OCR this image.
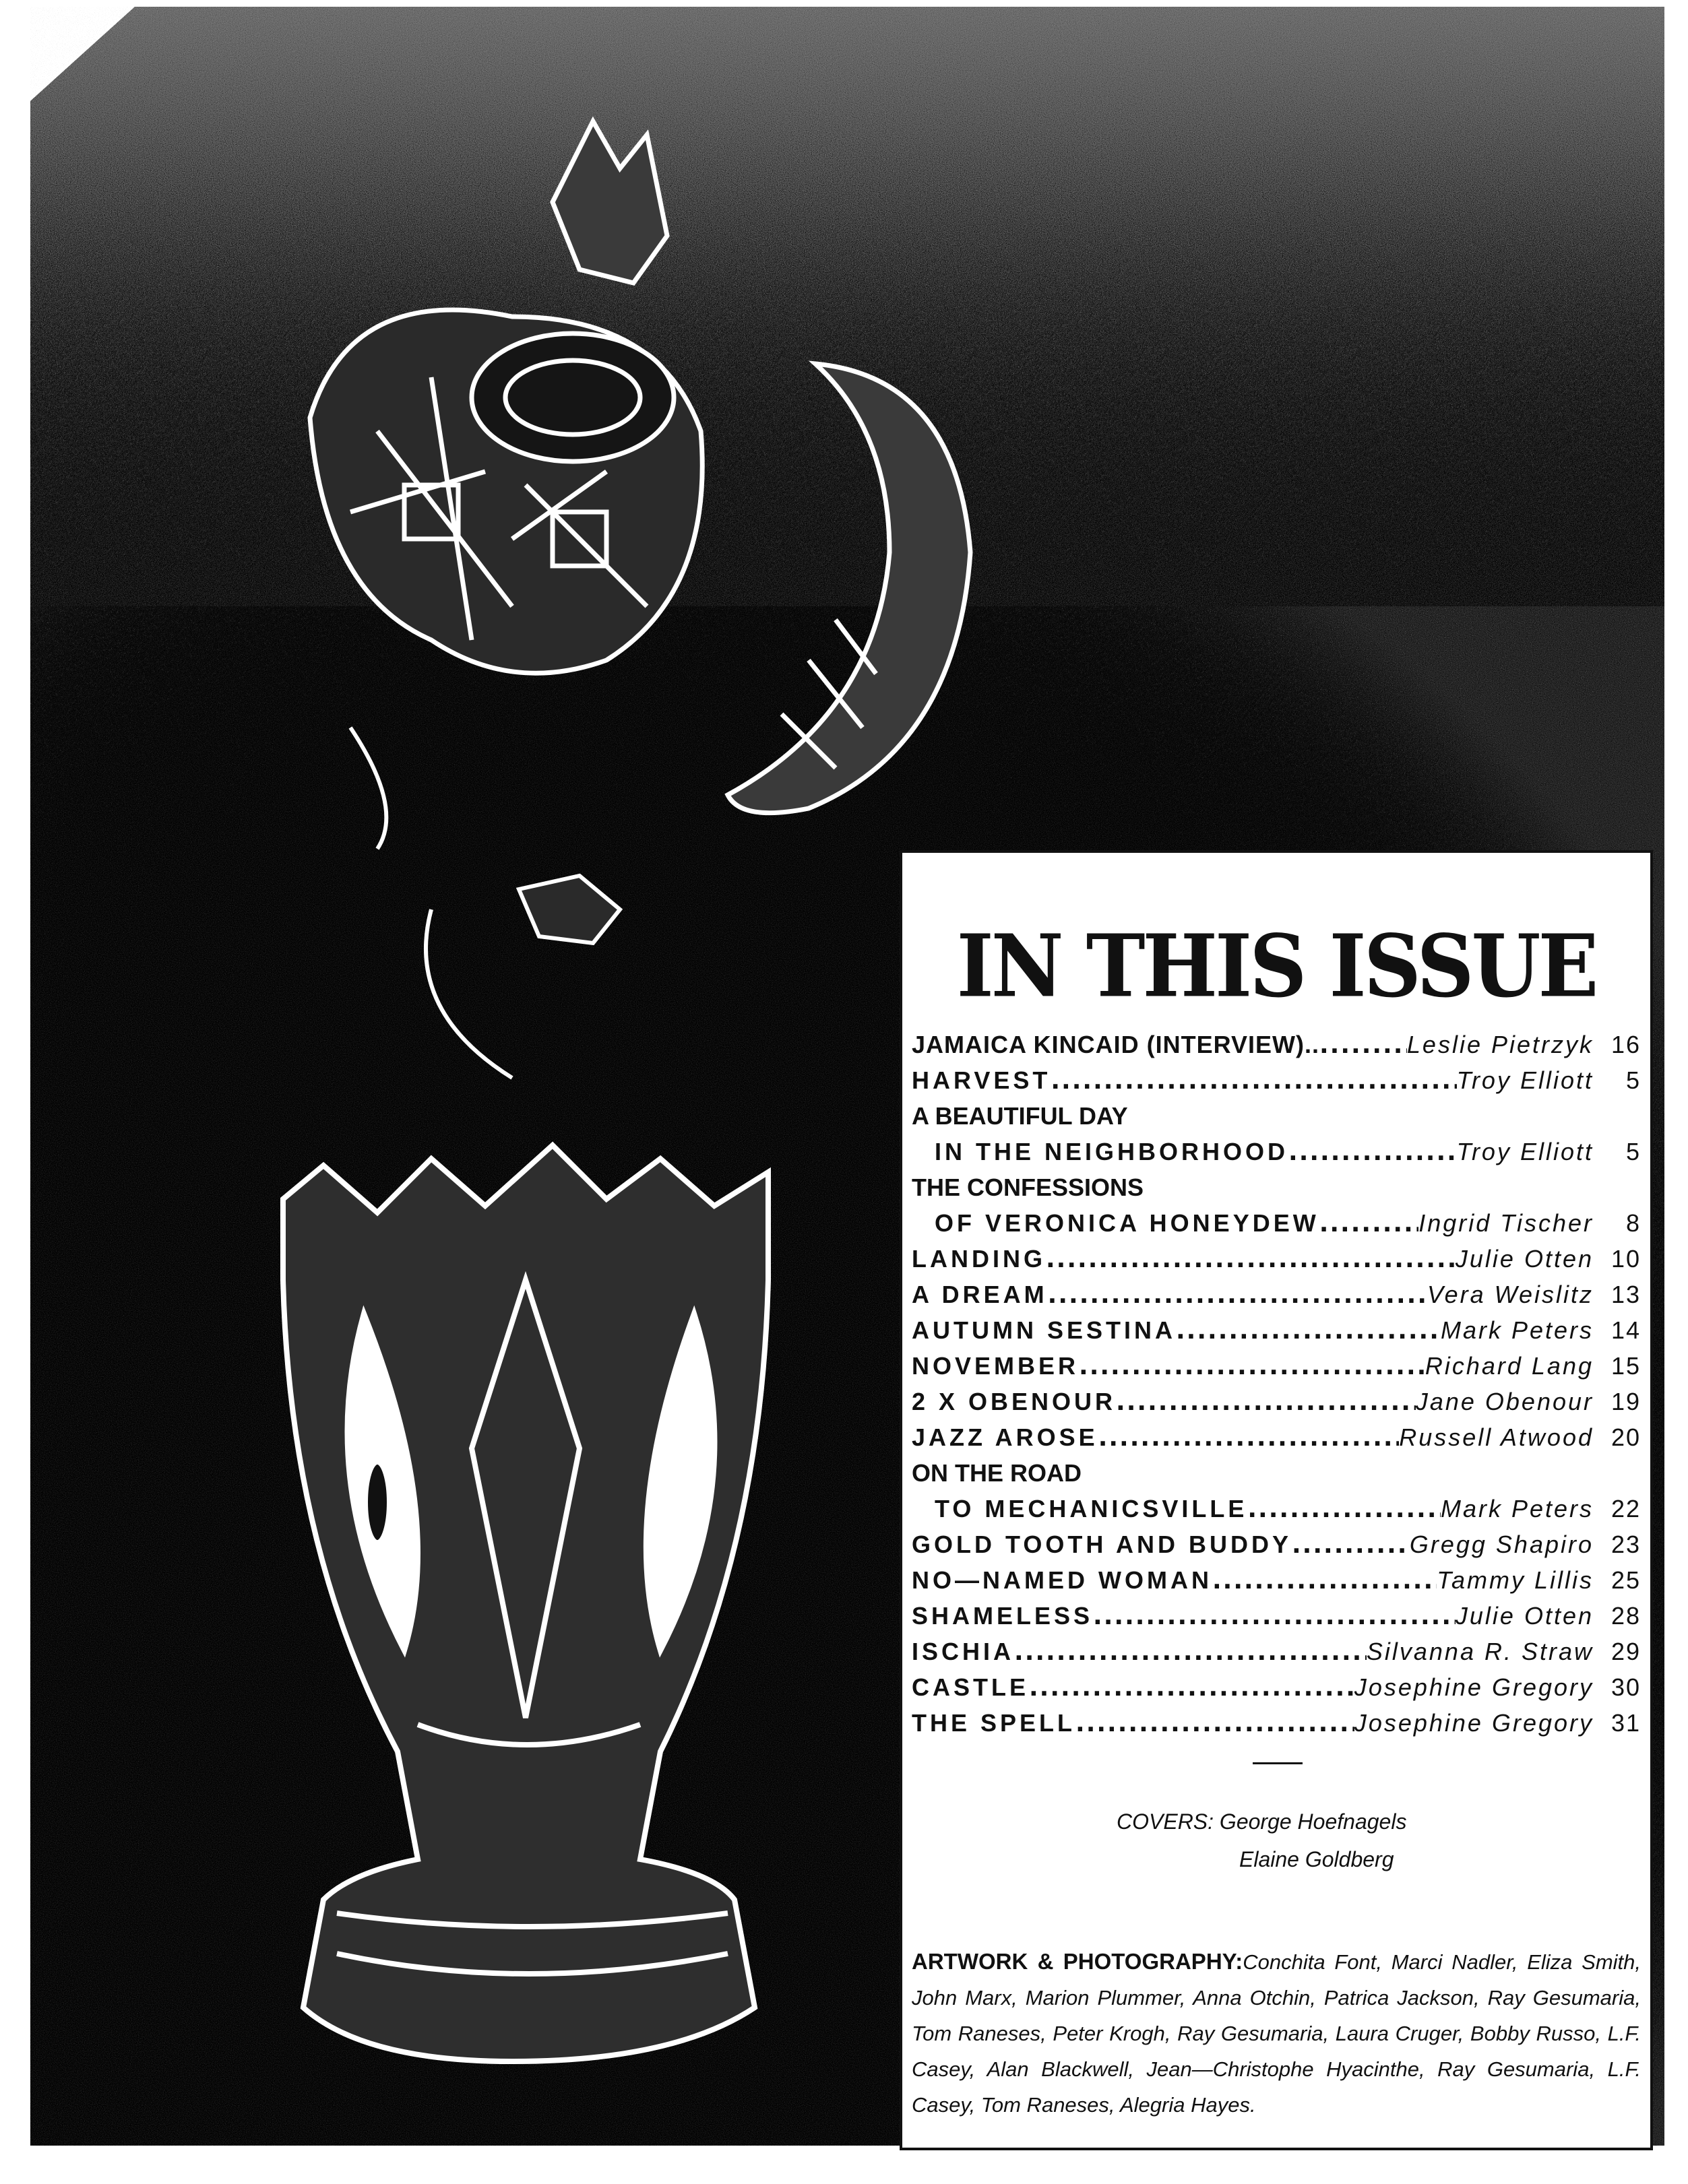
IN THIS ISSUE
JAMAICA KINCAID (INTERVIEW).. .....	Leslie Pietrzyk 16
HARVEST .....	Troy Elliott	5
A BEAUTIFUL DAY
IN THE NEIGHBORHOOD .....	Troy Elliott	5
THE CONFESSIONS
OF VERONICA HONEYDEW .....	Ingrid Tischer	8
LANDING .....	Julie Otten 10
A DREAM .....	Vera Weislitz 13
AUTUMN SESTINA .....	Mark Peters 14
NOVEMBER .....	Richard Lang 15
2 X OBENOUR .....	Jane Obenour 19
JAZZ AROSE .....	Russell Atwood 20
ON THE ROAD
TO MECHANICSVILLE .....	Mark Peters 22
GOLD TOOTH AND BUDDY .....	Gregg Shapiro 23
NO—NAMED WOMAN .....	Tammy Lillis 25
SHAMELESS .....	Julie Otten 28
ISCHIA .....	Silvanna R. Straw 29
CASTLE .....	Josephine Gregory 30
THE SPELL .....	Josephine Gregory 31
COVERS: George Hoefnagels
Elaine Goldberg

ARTWORK & PHOTOGRAPHY:Conchita Font, Marci Nadler, Eliza Smith, John Marx, Marion Plummer, Anna Otchin, Patrica Jackson, Ray Gesumaria, Tom Raneses, Peter Krogh, Ray Gesumaria, Laura Cruger, Bobby Russo, L.F. Casey, Alan Blackwell, Jean—Christophe Hyacinthe, Ray Gesumaria, L.F. Casey, Tom Raneses, Alegria Hayes.
